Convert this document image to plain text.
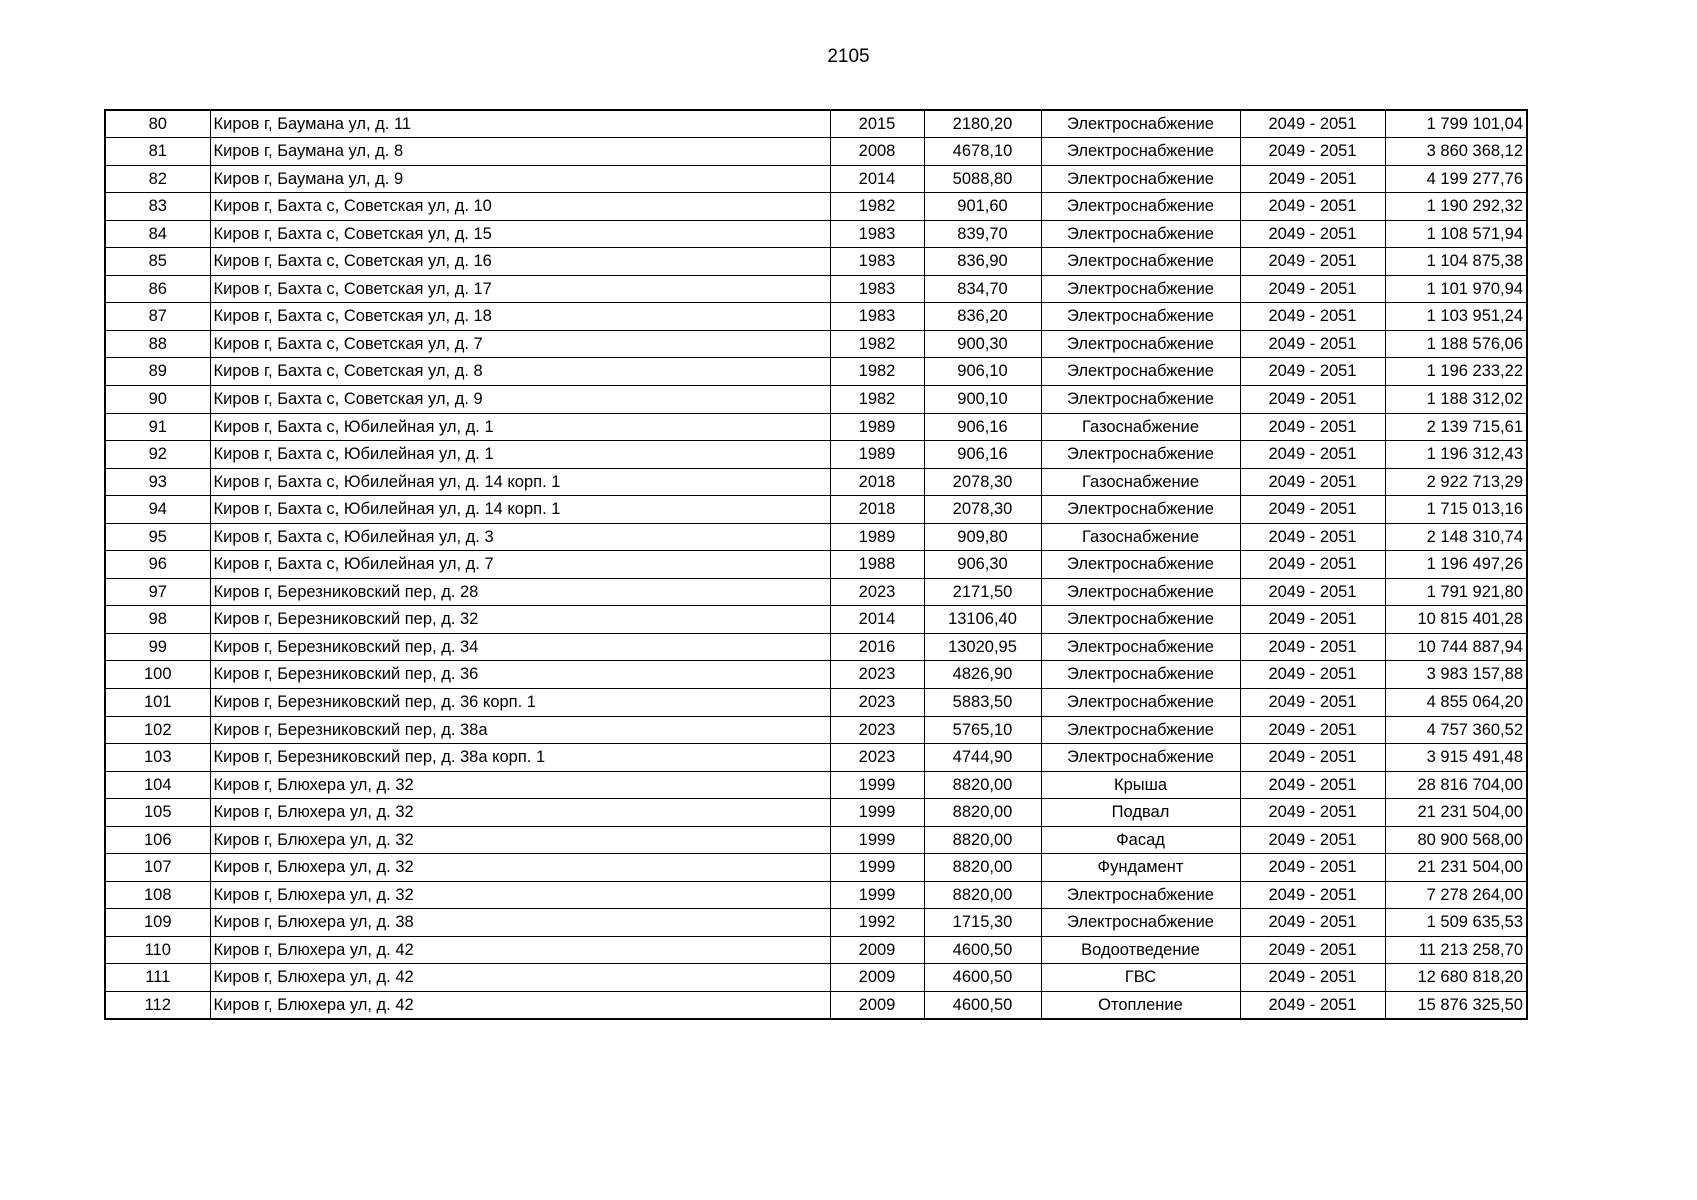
2105
80	Киров г, Баумана ул, д. 11	2015	2180,20	Электроснабжение	2049 - 2051	1 799 101,04
81	Киров г, Баумана ул, д. 8	2008	4678,10	Электроснабжение	2049 - 2051	3 860 368,12
82	Киров г, Баумана ул, д. 9	2014	5088,80	Электроснабжение	2049 - 2051	4 199 277,76
83	Киров г, Бахта с, Советская ул, д. 10	1982	901,60	Электроснабжение	2049 - 2051	1 190 292,32
84	Киров г, Бахта с, Советская ул, д. 15	1983	839,70	Электроснабжение	2049 - 2051	1 108 571,94
85	Киров г, Бахта с, Советская ул, д. 16	1983	836,90	Электроснабжение	2049 - 2051	1 104 875,38
86	Киров г, Бахта с, Советская ул, д. 17	1983	834,70	Электроснабжение	2049 - 2051	1 101 970,94
87	Киров г, Бахта с, Советская ул, д. 18	1983	836,20	Электроснабжение	2049 - 2051	1 103 951,24
88	Киров г, Бахта с, Советская ул, д. 7	1982	900,30	Электроснабжение	2049 - 2051	1 188 576,06
89	Киров г, Бахта с, Советская ул, д. 8	1982	906,10	Электроснабжение	2049 - 2051	1 196 233,22
90	Киров г, Бахта с, Советская ул, д. 9	1982	900,10	Электроснабжение	2049 - 2051	1 188 312,02
91	Киров г, Бахта с, Юбилейная ул, д. 1	1989	906,16	Газоснабжение	2049 - 2051	2 139 715,61
92	Киров г, Бахта с, Юбилейная ул, д. 1	1989	906,16	Электроснабжение	2049 - 2051	1 196 312,43
93	Киров г, Бахта с, Юбилейная ул, д. 14 корп. 1	2018	2078,30	Газоснабжение	2049 - 2051	2 922 713,29
94	Киров г, Бахта с, Юбилейная ул, д. 14 корп. 1	2018	2078,30	Электроснабжение	2049 - 2051	1 715 013,16
95	Киров г, Бахта с, Юбилейная ул, д. 3	1989	909,80	Газоснабжение	2049 - 2051	2 148 310,74
96	Киров г, Бахта с, Юбилейная ул, д. 7	1988	906,30	Электроснабжение	2049 - 2051	1 196 497,26
97	Киров г, Березниковский пер, д. 28	2023	2171,50	Электроснабжение	2049 - 2051	1 791 921,80
98	Киров г, Березниковский пер, д. 32	2014	13106,40	Электроснабжение	2049 - 2051	10 815 401,28
99	Киров г, Березниковский пер, д. 34	2016	13020,95	Электроснабжение	2049 - 2051	10 744 887,94
100	Киров г, Березниковский пер, д. 36	2023	4826,90	Электроснабжение	2049 - 2051	3 983 157,88
101	Киров г, Березниковский пер, д. 36 корп. 1	2023	5883,50	Электроснабжение	2049 - 2051	4 855 064,20
102	Киров г, Березниковский пер, д. 38а	2023	5765,10	Электроснабжение	2049 - 2051	4 757 360,52
103	Киров г, Березниковский пер, д. 38а корп. 1	2023	4744,90	Электроснабжение	2049 - 2051	3 915 491,48
104	Киров г, Блюхера ул, д. 32	1999	8820,00	Крыша	2049 - 2051	28 816 704,00
105	Киров г, Блюхера ул, д. 32	1999	8820,00	Подвал	2049 - 2051	21 231 504,00
106	Киров г, Блюхера ул, д. 32	1999	8820,00	Фасад	2049 - 2051	80 900 568,00
107	Киров г, Блюхера ул, д. 32	1999	8820,00	Фундамент	2049 - 2051	21 231 504,00
108	Киров г, Блюхера ул, д. 32	1999	8820,00	Электроснабжение	2049 - 2051	7 278 264,00
109	Киров г, Блюхера ул, д. 38	1992	1715,30	Электроснабжение	2049 - 2051	1 509 635,53
110	Киров г, Блюхера ул, д. 42	2009	4600,50	Водоотведение	2049 - 2051	11 213 258,70
111	Киров г, Блюхера ул, д. 42	2009	4600,50	ГВС	2049 - 2051	12 680 818,20
112	Киров г, Блюхера ул, д. 42	2009	4600,50	Отопление	2049 - 2051	15 876 325,50
